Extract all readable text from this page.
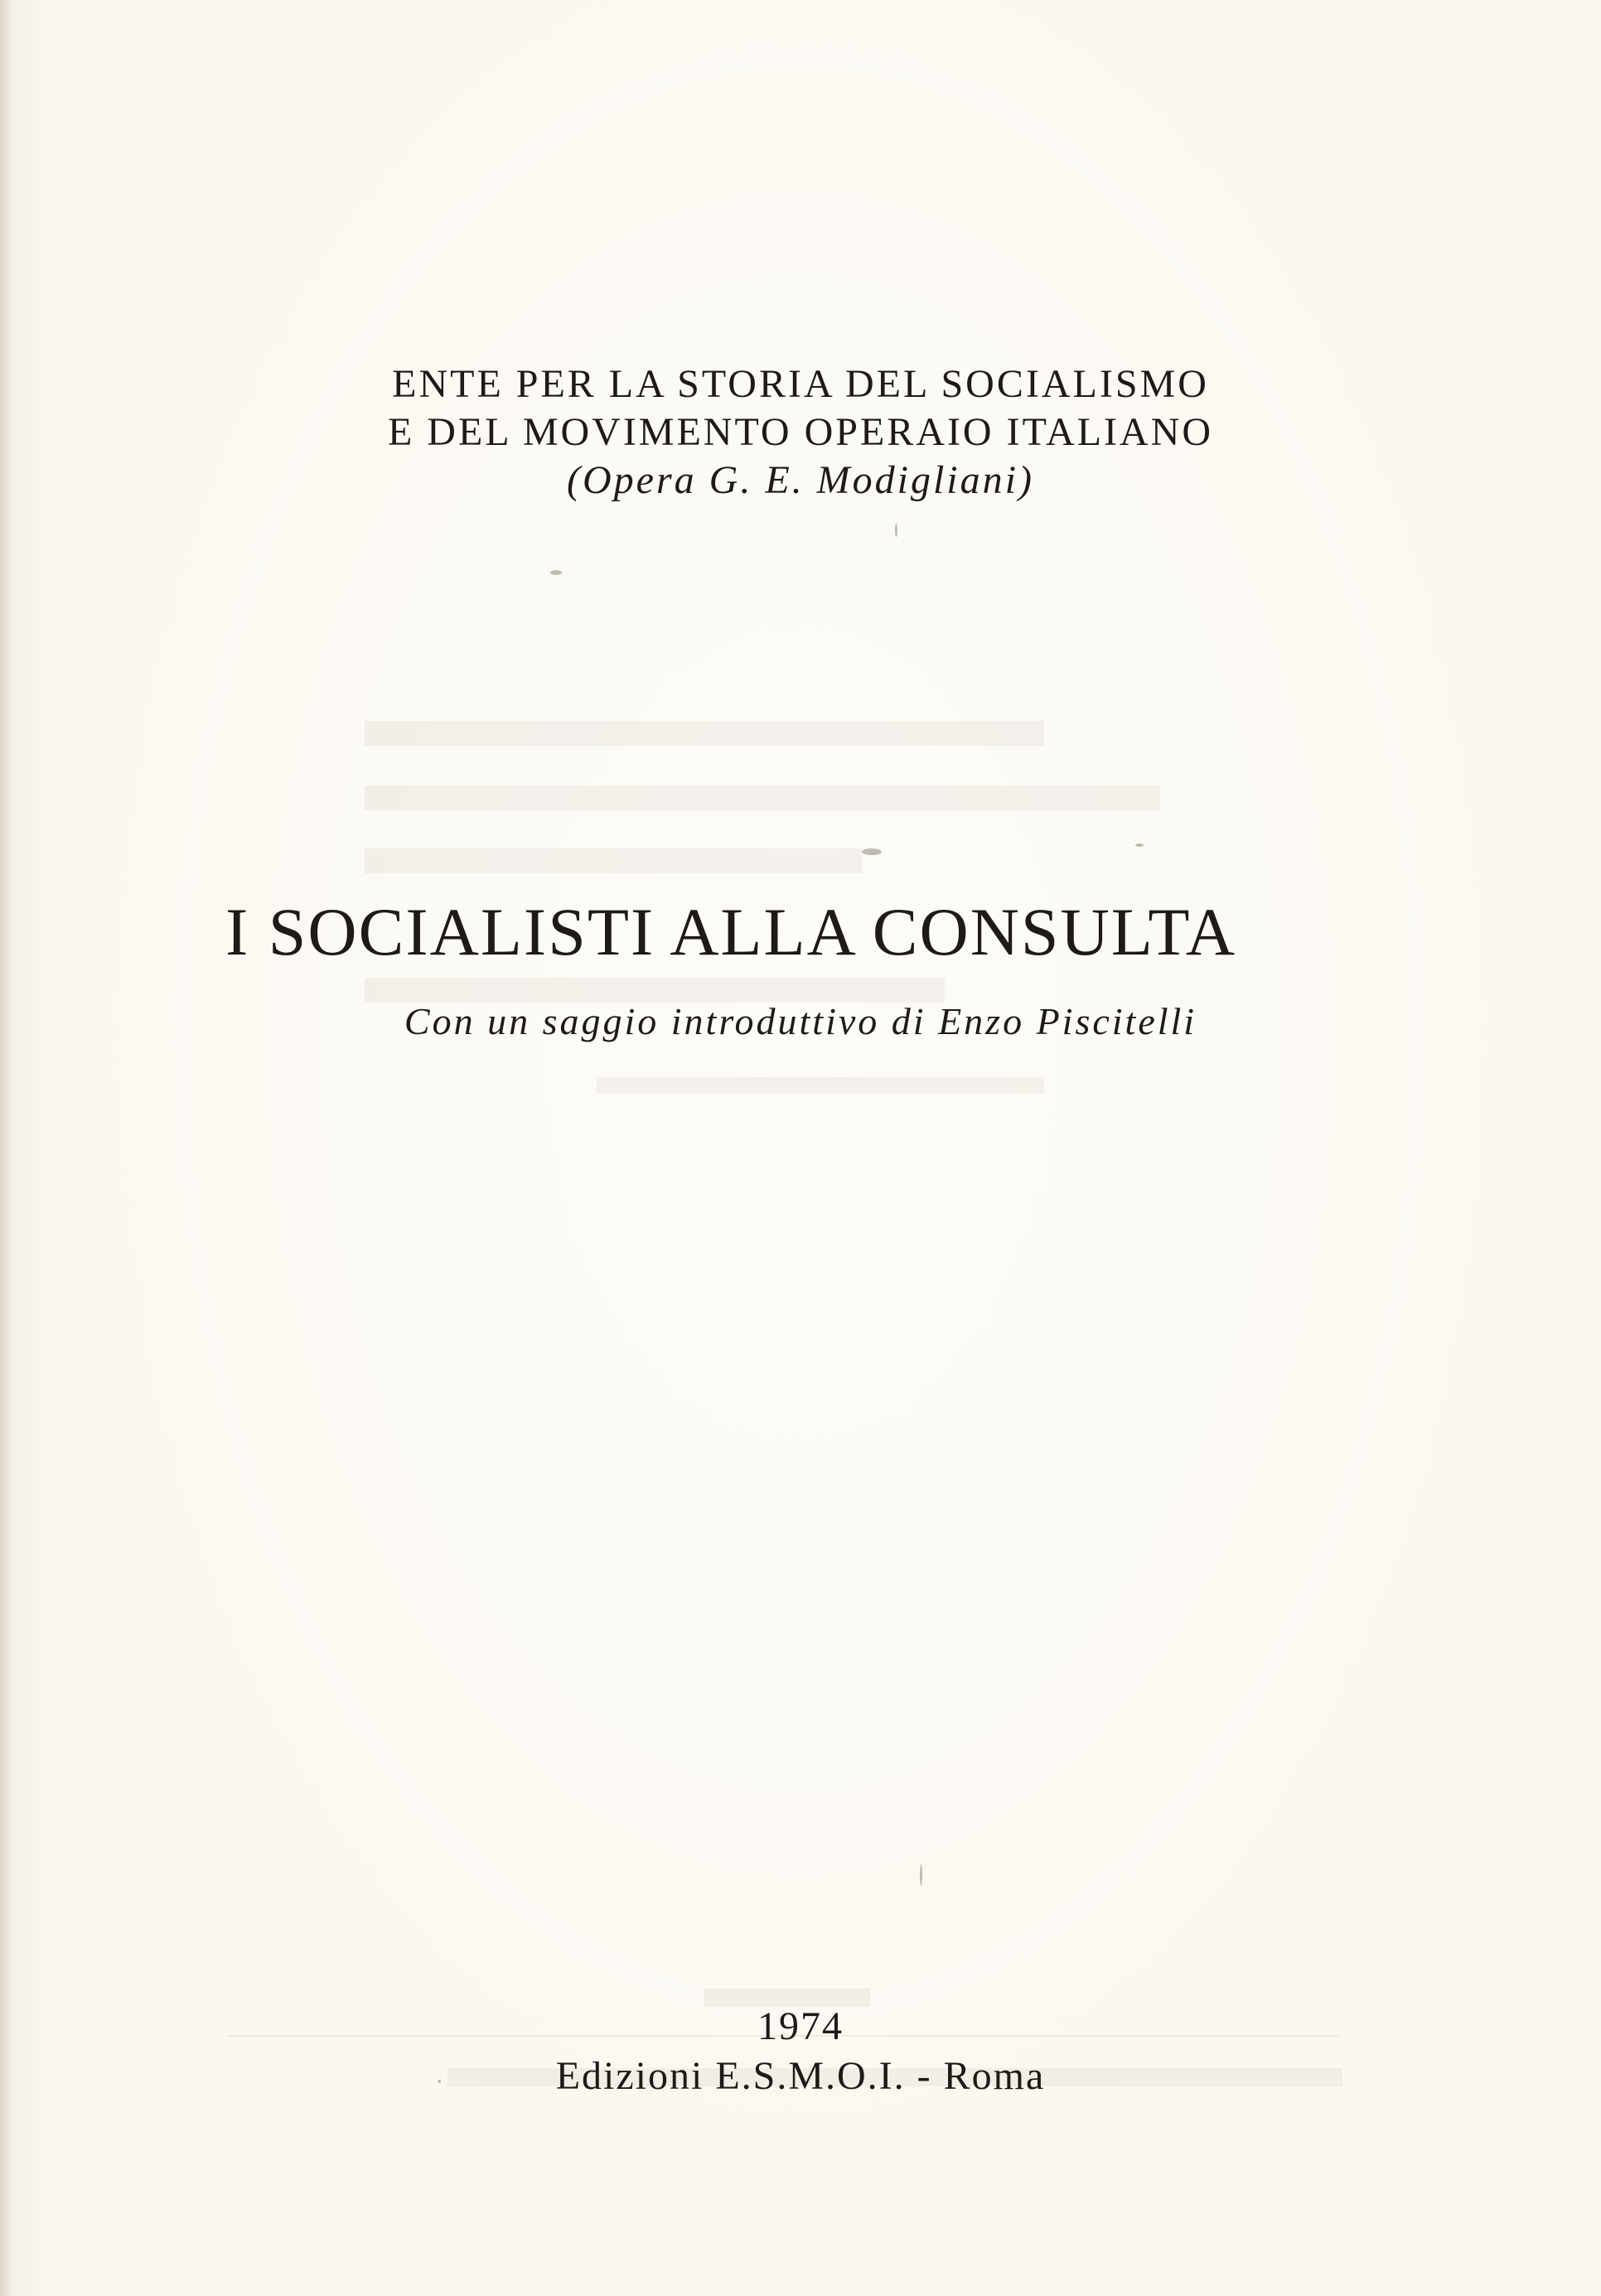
ENTE PER LA STORIA DEL SOCIALISMO
E DEL MOVIMENTO OPERAIO ITALIANO
(Opera G. E. Modigliani)
I SOCIALISTI ALLA CONSULTA
Con un saggio introduttivo di Enzo Piscitelli
1974
Edizioni E.S.M.O.I. - Roma
